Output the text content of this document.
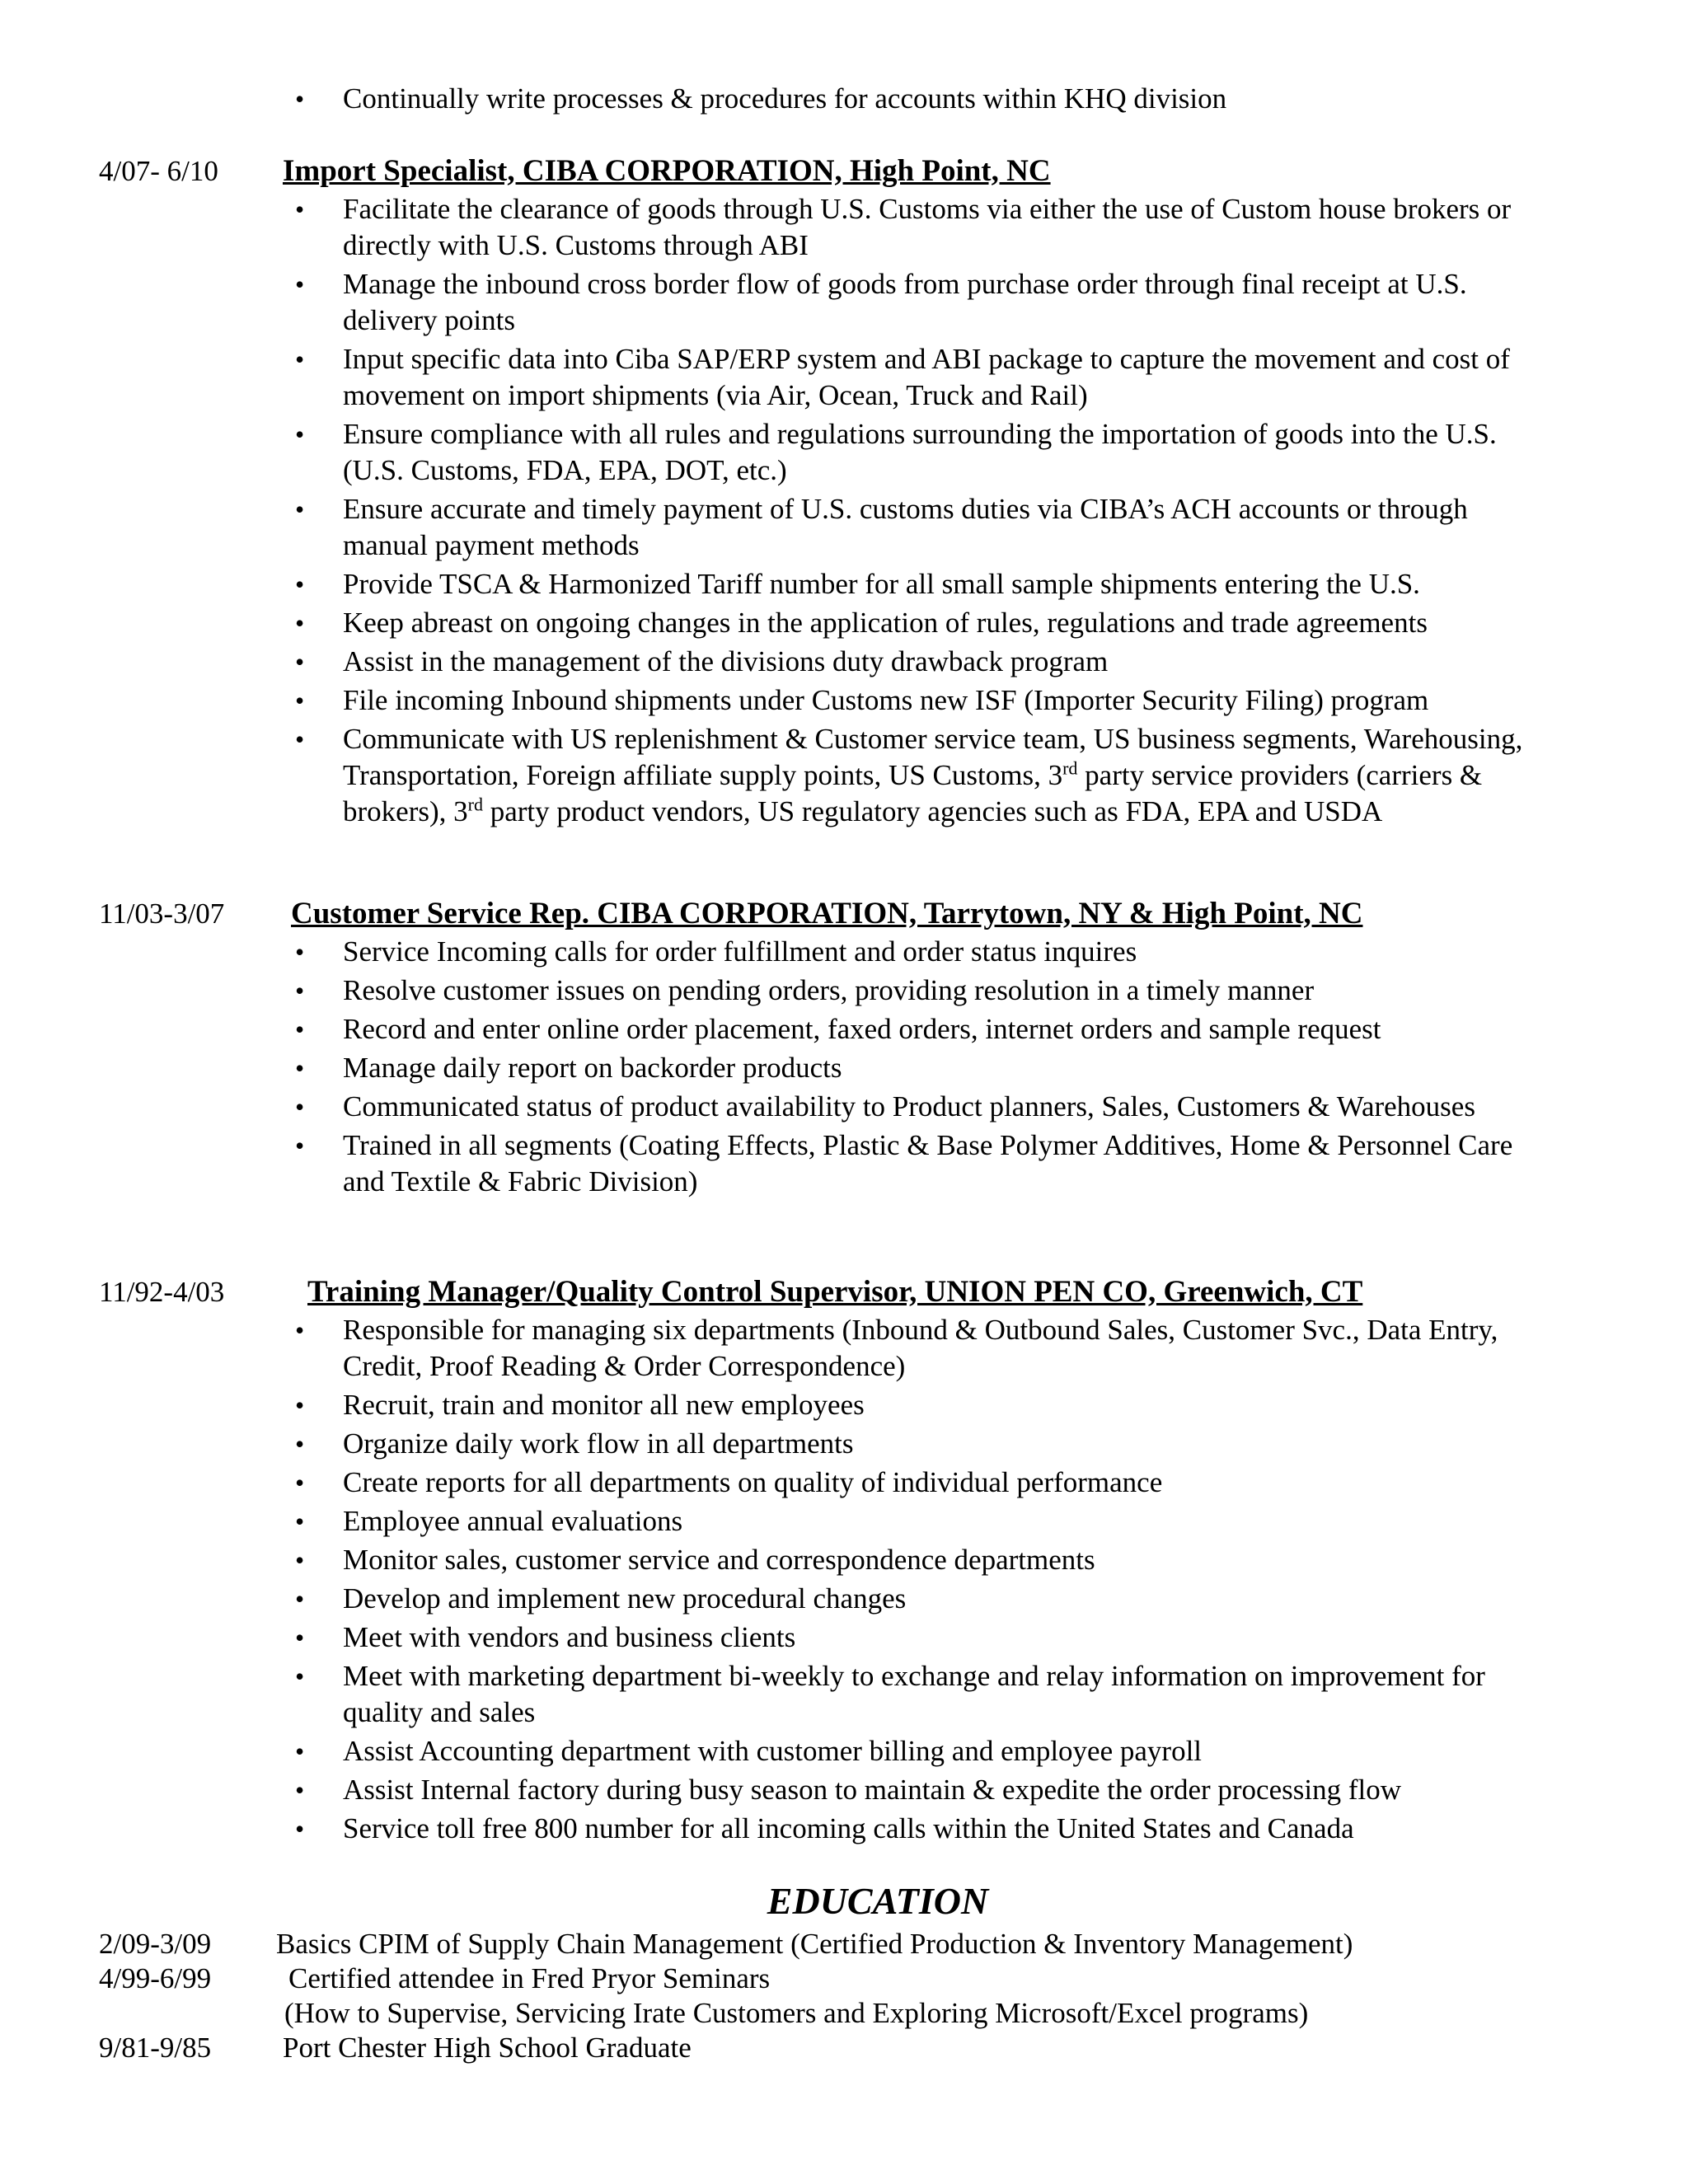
• Continually write processes & procedures for accounts within KHQ division
4/07- 6/10 Import Specialist, CIBA CORPORATION, High Point, NC
• Facilitate the clearance of goods through U.S. Customs via either the use of Custom house brokers or directly with U.S. Customs through ABI
• Manage the inbound cross border flow of goods from purchase order through final receipt at U.S. delivery points
• Input specific data into Ciba SAP/ERP system and ABI package to capture the movement and cost of movement on import shipments (via Air, Ocean, Truck and Rail)
• Ensure compliance with all rules and regulations surrounding the importation of goods into the U.S. (U.S. Customs, FDA, EPA, DOT, etc.)
• Ensure accurate and timely payment of U.S. customs duties via CIBA’s ACH accounts or through manual payment methods
• Provide TSCA & Harmonized Tariff number for all small sample shipments entering the U.S.
• Keep abreast on ongoing changes in the application of rules, regulations and trade agreements
• Assist in the management of the divisions duty drawback program
• File incoming Inbound shipments under Customs new ISF (Importer Security Filing) program
• Communicate with US replenishment & Customer service team, US business segments, Warehousing, Transportation, Foreign affiliate supply points, US Customs, 3rd party service providers (carriers & brokers), 3rd party product vendors, US regulatory agencies such as FDA, EPA and USDA
11/03-3/07 Customer Service Rep. CIBA CORPORATION, Tarrytown, NY & High Point, NC
• Service Incoming calls for order fulfillment and order status inquires
• Resolve customer issues on pending orders, providing resolution in a timely manner
• Record and enter online order placement, faxed orders, internet orders and sample request
• Manage daily report on backorder products
• Communicated status of product availability to Product planners, Sales, Customers & Warehouses
• Trained in all segments (Coating Effects, Plastic & Base Polymer Additives, Home & Personnel Care and Textile & Fabric Division)
11/92-4/03	Training Manager/Quality Control Supervisor, UNION PEN CO, Greenwich, CT
• Responsible for managing six departments (Inbound & Outbound Sales, Customer Svc., Data Entry, Credit, Proof Reading & Order Correspondence)
• Recruit, train and monitor all new employees
• Organize daily work flow in all departments
• Create reports for all departments on quality of individual performance
• Employee annual evaluations
• Monitor sales, customer service and correspondence departments
• Develop and implement new procedural changes
• Meet with vendors and business clients
• Meet with marketing department bi-weekly to exchange and relay information on improvement for quality and sales
• Assist Accounting department with customer billing and employee payroll
• Assist Internal factory during busy season to maintain & expedite the order processing flow
• Service toll free 800 number for all incoming calls within the United States and Canada
EDUCATION
2/09-3/09 Basics CPIM of Supply Chain Management (Certified Production & Inventory Management)
4/99-6/99	Certified attendee in Fred Pryor Seminars
(How to Supervise, Servicing Irate Customers and Exploring Microsoft/Excel programs)
9/81-9/85 Port Chester High School Graduate
